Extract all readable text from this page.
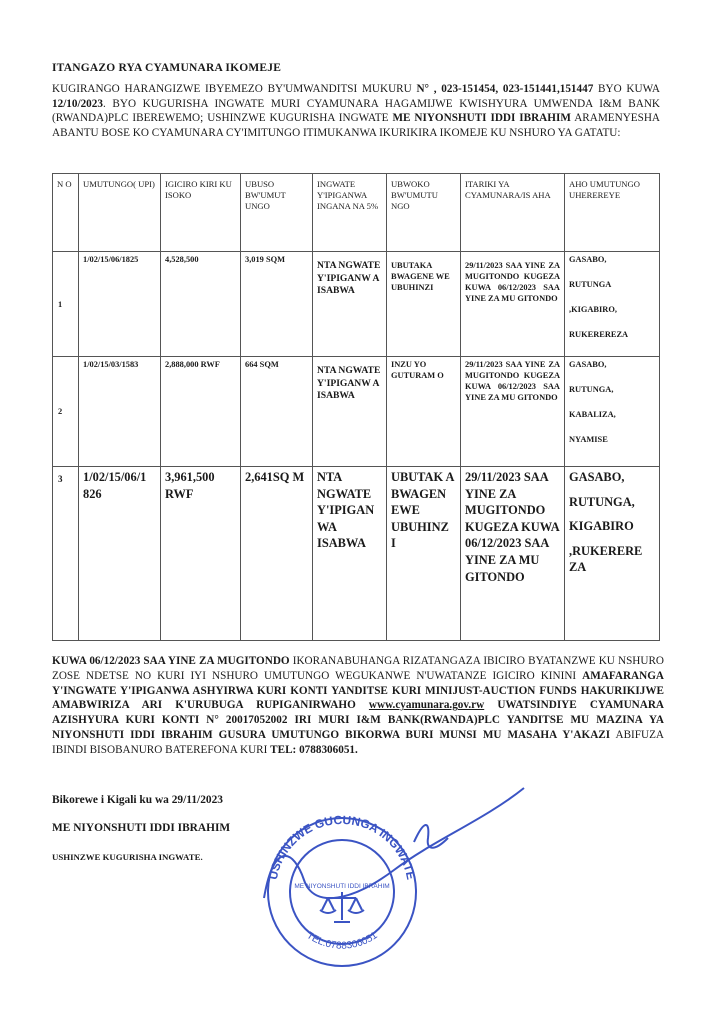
ITANGAZO RYA CYAMUNARA IKOMEJE
KUGIRANGO HARANGIZWE IBYEMEZO BY'UMWANDITSI MUKURU N° , 023-151454, 023-151441,151447 BYO KUWA 12/10/2023. BYO KUGURISHA INGWATE MURI CYAMUNARA HAGAMIJWE KWISHYURA UMWENDA I&M BANK (RWANDA)PLC IBEREWEMO; USHINZWE KUGURISHA INGWATE ME NIYONSHUTI IDDI IBRAHIM ARAMENYESHA ABANTU BOSE KO CYAMUNARA CY'IMITUNGO ITIMUKANWA IKURIKIRA IKOMEJE KU NSHURO YA GATATU:
N O	UMUTUNGO( UPI)	IGICIRO KIRI KU ISOKO	UBUSO BW'UMUT UNGO	INGWATE Y'IPIGANWA INGANA NA 5%	UBWOKO BW'UMUTU NGO	ITARIKI YA CYAMUNARA/IS AHA	AHO UMUTUNGO UHEREREYE
1	1/02/15/06/1825	4,528,500	3,019 SQM	NTA NGWATE Y'IPIGANW A ISABWA	UBUTAKA BWAGENE WE UBUHINZI	29/11/2023 SAA YINE ZA MUGITONDO KUGEZA KUWA 06/12/2023 SAA YINE ZA MU GITONDO	GASABO,
RUTUNGA
,KIGABIRO,
RUKEREREZA

2	1/02/15/03/1583	2,888,000 RWF	664 SQM	NTA NGWATE Y'IPIGANW A ISABWA	INZU YO GUTURAM O	29/11/2023 SAA YINE ZA MUGITONDO KUGEZA KUWA 06/12/2023 SAA YINE ZA MU GITONDO	GASABO,
RUTUNGA,
KABALIZA,
NYAMISE

3	1/02/15/06/1 826	3,961,500 RWF	2,641SQ M	NTA NGWATE Y'IPIGAN WA ISABWA	UBUTAK A BWAGEN EWE UBUHINZ I	29/11/2023 SAA YINE ZA MUGITONDO KUGEZA KUWA 06/12/2023 SAA YINE ZA MU GITONDO	GASABO,
RUTUNGA,
KIGABIRO
,RUKERERE ZA
KUWA 06/12/2023 SAA YINE ZA MUGITONDO IKORANABUHANGA RIZATANGAZA IBICIRO BYATANZWE KU NSHURO ZOSE NDETSE NO KURI IYI NSHURO UMUTUNGO WEGUKANWE N'UWATANZE IGICIRO KININI AMAFARANGA Y'INGWATE Y'IPIGANWA ASHYIRWA KURI KONTI YANDITSE KURI MINIJUST-AUCTION FUNDS HAKURIKIJWE AMABWIRIZA ARI K'URUBUGA RUPIGANIRWAHO www.cyamunara.gov.rw UWATSINDIYE CYAMUNARA AZISHYURA KURI KONTI N° 20017052002 IRI MURI I&M BANK(RWANDA)PLC YANDITSE MU MAZINA YA NIYONSHUTI IDDI IBRAHIM GUSURA UMUTUNGO BIKORWA BURI MUNSI MU MASAHA Y'AKAZI ABIFUZA IBINDI BISOBANURO BATEREFONA KURI TEL: 0788306051.
Bikorewe i Kigali ku wa 29/11/2023
ME NIYONSHUTI IDDI IBRAHIM
USHINZWE KUGURISHA INGWATE.
USHINZWE GUCUNGA INGWATE
TEL:0788306051
ME NIYONSHUTI IDDI IBRAHIM
